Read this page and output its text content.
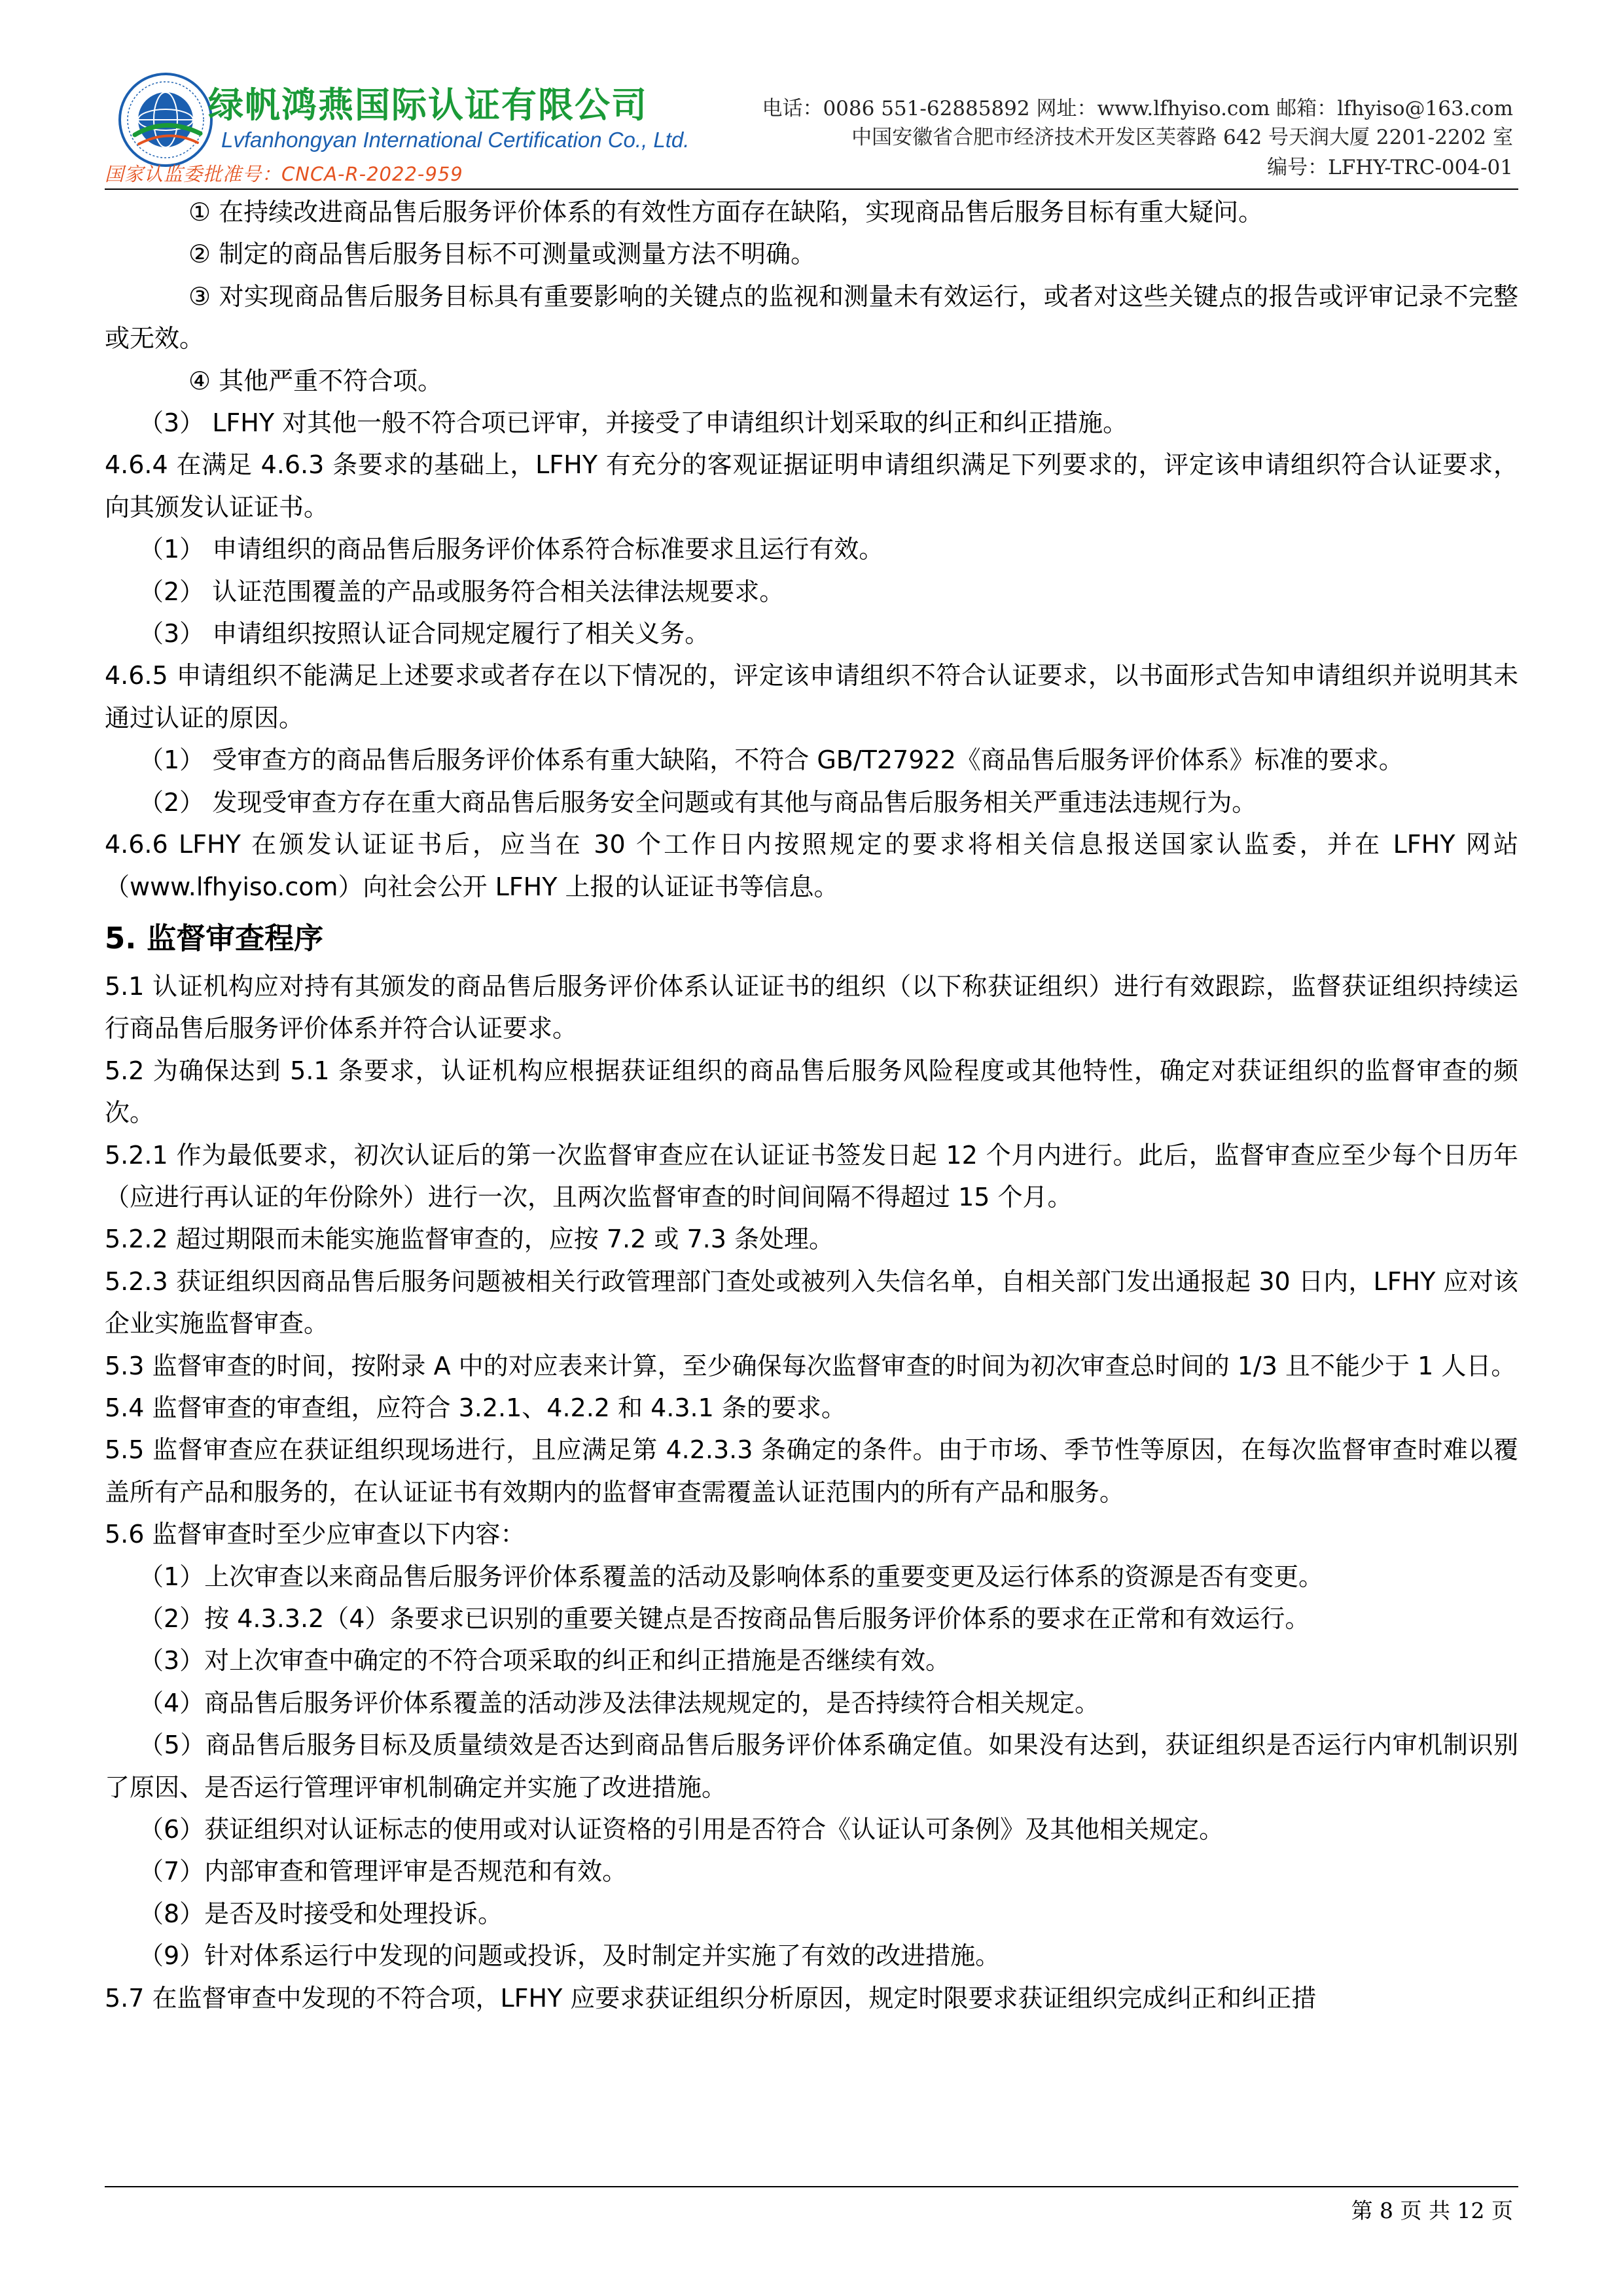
绿帆鸿燕国际认证有限公司
Lvfanhongyan International Certification Co., Ltd.
国家认监委批准号：CNCA-R-2022-959
电话：0086 551-62885892 网址：www.lfhyiso.com 邮箱：lfhyiso@163.com
中国安徽省合肥市经济技术开发区芙蓉路 642 号天润大厦 2201-2202 室
编号：LFHY-TRC-004-01

① 在持续改进商品售后服务评价体系的有效性方面存在缺陷，实现商品售后服务目标有重大疑问。

② 制定的商品售后服务目标不可测量或测量方法不明确。

③ 对实现商品售后服务目标具有重要影响的关键点的监视和测量未有效运行，或者对这些关键点的报告或评审记录不完整或无效。

④ 其他严重不符合项。

（3） LFHY 对其他一般不符合项已评审，并接受了申请组织计划采取的纠正和纠正措施。

4.6.4 在满足 4.6.3 条要求的基础上，LFHY 有充分的客观证据证明申请组织满足下列要求的，评定该申请组织符合认证要求，向其颁发认证证书。

（1） 申请组织的商品售后服务评价体系符合标准要求且运行有效。

（2） 认证范围覆盖的产品或服务符合相关法律法规要求。

（3） 申请组织按照认证合同规定履行了相关义务。

4.6.5 申请组织不能满足上述要求或者存在以下情况的，评定该申请组织不符合认证要求，以书面形式告知申请组织并说明其未通过认证的原因。

（1） 受审查方的商品售后服务评价体系有重大缺陷，不符合 GB/T27922《商品售后服务评价体系》标准的要求。

（2） 发现受审查方存在重大商品售后服务安全问题或有其他与商品售后服务相关严重违法违规行为。

4.6.6 LFHY 在颁发认证证书后，应当在 30 个工作日内按照规定的要求将相关信息报送国家认监委，并在 LFHY 网站（www.lfhyiso.com）向社会公开 LFHY 上报的认证证书等信息。

5. 监督审查程序

5.1 认证机构应对持有其颁发的商品售后服务评价体系认证证书的组织（以下称获证组织）进行有效跟踪，监督获证组织持续运行商品售后服务评价体系并符合认证要求。

5.2 为确保达到 5.1 条要求，认证机构应根据获证组织的商品售后服务风险程度或其他特性，确定对获证组织的监督审查的频次。

5.2.1 作为最低要求，初次认证后的第一次监督审查应在认证证书签发日起 12 个月内进行。此后，监督审查应至少每个日历年（应进行再认证的年份除外）进行一次，且两次监督审查的时间间隔不得超过 15 个月。

5.2.2 超过期限而未能实施监督审查的，应按 7.2 或 7.3 条处理。

5.2.3 获证组织因商品售后服务问题被相关行政管理部门查处或被列入失信名单，自相关部门发出通报起 30 日内，LFHY 应对该企业实施监督审查。

5.3 监督审查的时间，按附录 A 中的对应表来计算，至少确保每次监督审查的时间为初次审查总时间的 1/3 且不能少于 1 人日。

5.4 监督审查的审查组，应符合 3.2.1、4.2.2 和 4.3.1 条的要求。

5.5 监督审查应在获证组织现场进行，且应满足第 4.2.3.3 条确定的条件。由于市场、季节性等原因，在每次监督审查时难以覆盖所有产品和服务的，在认证证书有效期内的监督审查需覆盖认证范围内的所有产品和服务。

5.6 监督审查时至少应审查以下内容：

（1）上次审查以来商品售后服务评价体系覆盖的活动及影响体系的重要变更及运行体系的资源是否有变更。

（2）按 4.3.3.2（4）条要求已识别的重要关键点是否按商品售后服务评价体系的要求在正常和有效运行。

（3）对上次审查中确定的不符合项采取的纠正和纠正措施是否继续有效。

（4）商品售后服务评价体系覆盖的活动涉及法律法规规定的，是否持续符合相关规定。

（5）商品售后服务目标及质量绩效是否达到商品售后服务评价体系确定值。如果没有达到，获证组织是否运行内审机制识别了原因、是否运行管理评审机制确定并实施了改进措施。

（6）获证组织对认证标志的使用或对认证资格的引用是否符合《认证认可条例》及其他相关规定。

（7）内部审查和管理评审是否规范和有效。

（8）是否及时接受和处理投诉。

（9）针对体系运行中发现的问题或投诉，及时制定并实施了有效的改进措施。

5.7 在监督审查中发现的不符合项，LFHY 应要求获证组织分析原因，规定时限要求获证组织完成纠正和纠正措

第 8 页 共 12 页
